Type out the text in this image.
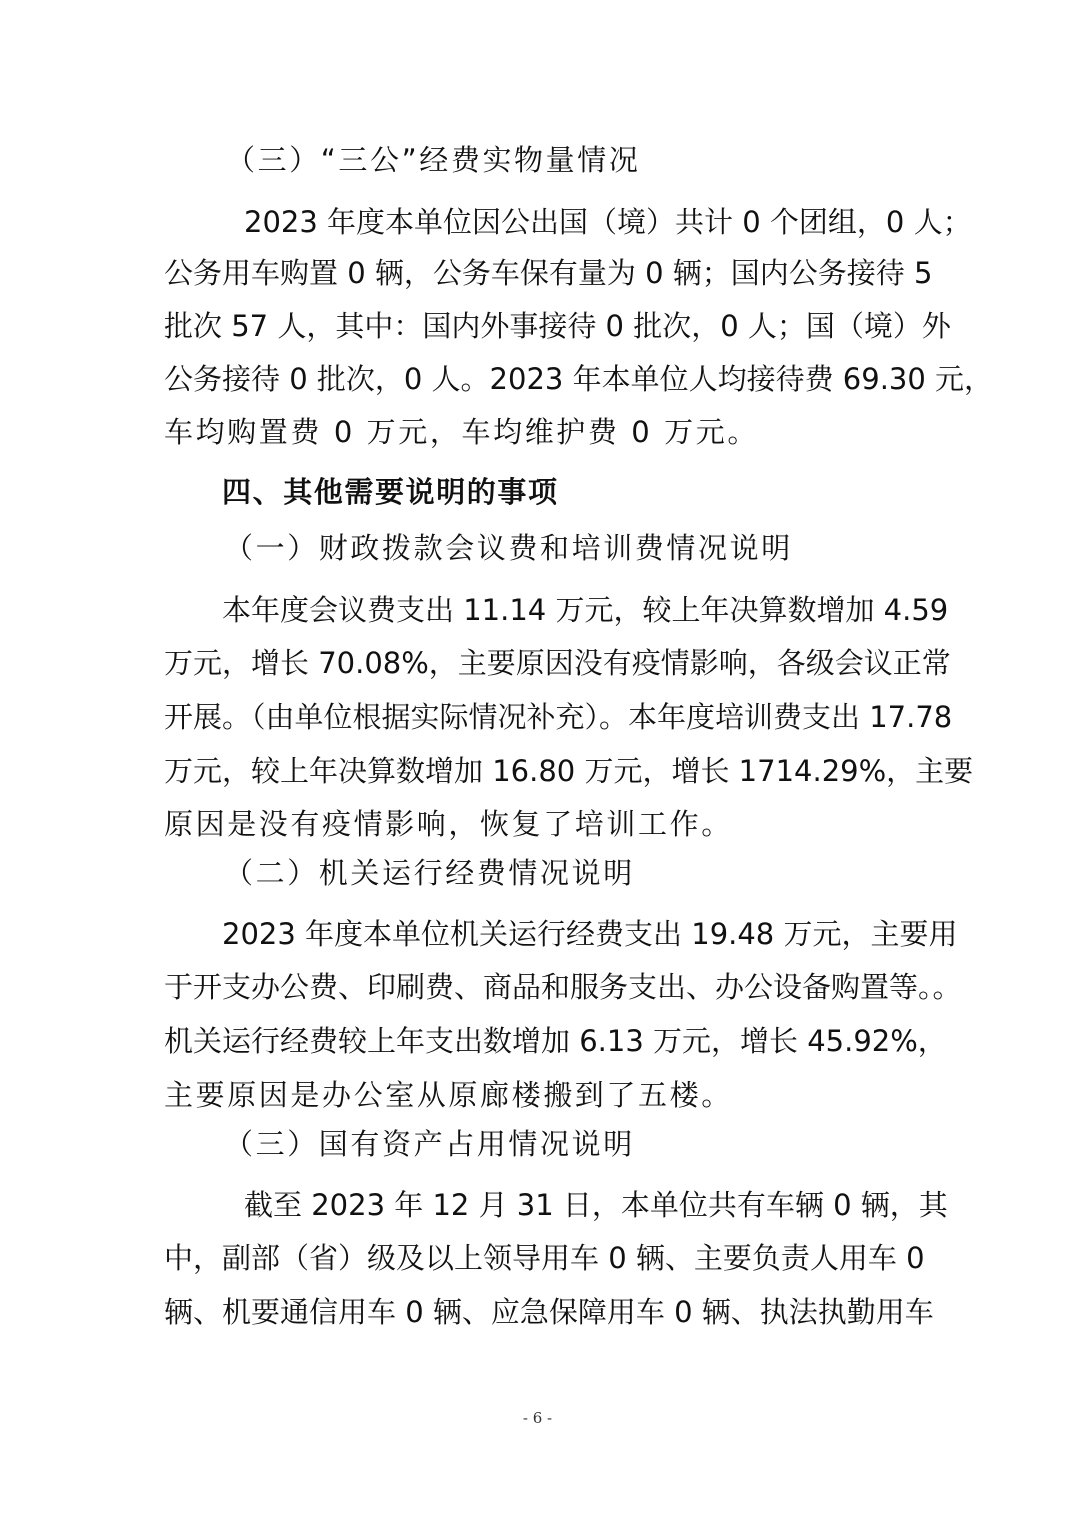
（三）“三公”经费实物量情况
2023 年度本单位因公出国（境）共计 0 个团组，0 人；
公务用车购置 0 辆，公务车保有量为 0 辆；国内公务接待 5
批次 57 人，其中：国内外事接待 0 批次，0 人；国（境）外
公务接待 0 批次，0 人。2023 年本单位人均接待费 69.30 元，
车均购置费 0 万元，车均维护费 0 万元。
四、其他需要说明的事项
（一）财政拨款会议费和培训费情况说明
本年度会议费支出 11.14 万元，较上年决算数增加 4.59
万元，增长 70.08%，主要原因没有疫情影响，各级会议正常
开展。（由单位根据实际情况补充）。本年度培训费支出 17.78
万元，较上年决算数增加 16.80 万元，增长 1714.29%，主要
原因是没有疫情影响，恢复了培训工作。
（二）机关运行经费情况说明
2023 年度本单位机关运行经费支出 19.48 万元，主要用
于开支办公费、印刷费、商品和服务支出、办公设备购置等。。
机关运行经费较上年支出数增加 6.13 万元，增长 45.92%，
主要原因是办公室从原廊楼搬到了五楼。
（三）国有资产占用情况说明
截至 2023 年 12 月 31 日，本单位共有车辆 0 辆，其
中，副部（省）级及以上领导用车 0 辆、主要负责人用车 0
辆、机要通信用车 0 辆、应急保障用车 0 辆、执法执勤用车
- 6 -
